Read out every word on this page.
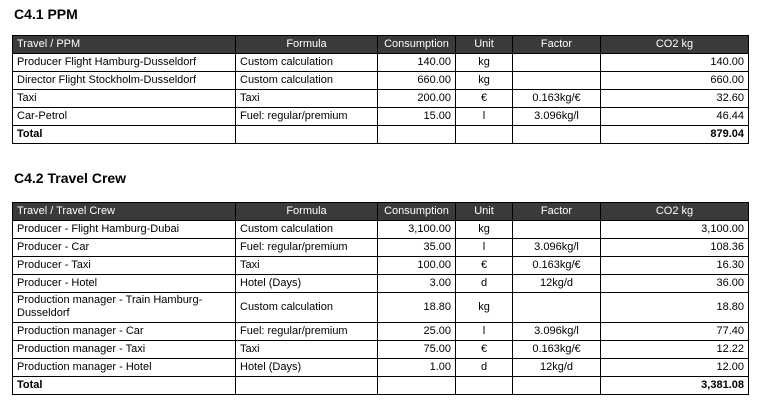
C4.1 PPM
Travel / PPM	Formula	Consumption	Unit	Factor	CO2 kg
Producer Flight Hamburg-Dusseldorf	Custom calculation	140.00	kg		140.00
Director Flight Stockholm-Dusseldorf	Custom calculation	660.00	kg		660.00
Taxi	Taxi	200.00	€	0.163kg/€	32.60
Car-Petrol	Fuel: regular/premium	15.00	l	3.096kg/l	46.44
Total					879.04
C4.2 Travel Crew
Travel / Travel Crew	Formula	Consumption	Unit	Factor	CO2 kg
Producer - Flight Hamburg-Dubai	Custom calculation	3,100.00	kg		3,100.00
Producer - Car	Fuel: regular/premium	35.00	l	3.096kg/l	108.36
Producer - Taxi	Taxi	100.00	€	0.163kg/€	16.30
Producer - Hotel	Hotel (Days)	3.00	d	12kg/d	36.00
Production manager - Train Hamburg-Dusseldorf	Custom calculation	18.80	kg		18.80
Production manager - Car	Fuel: regular/premium	25.00	l	3.096kg/l	77.40
Production manager - Taxi	Taxi	75.00	€	0.163kg/€	12.22
Production manager - Hotel	Hotel (Days)	1.00	d	12kg/d	12.00
Total					3,381.08
